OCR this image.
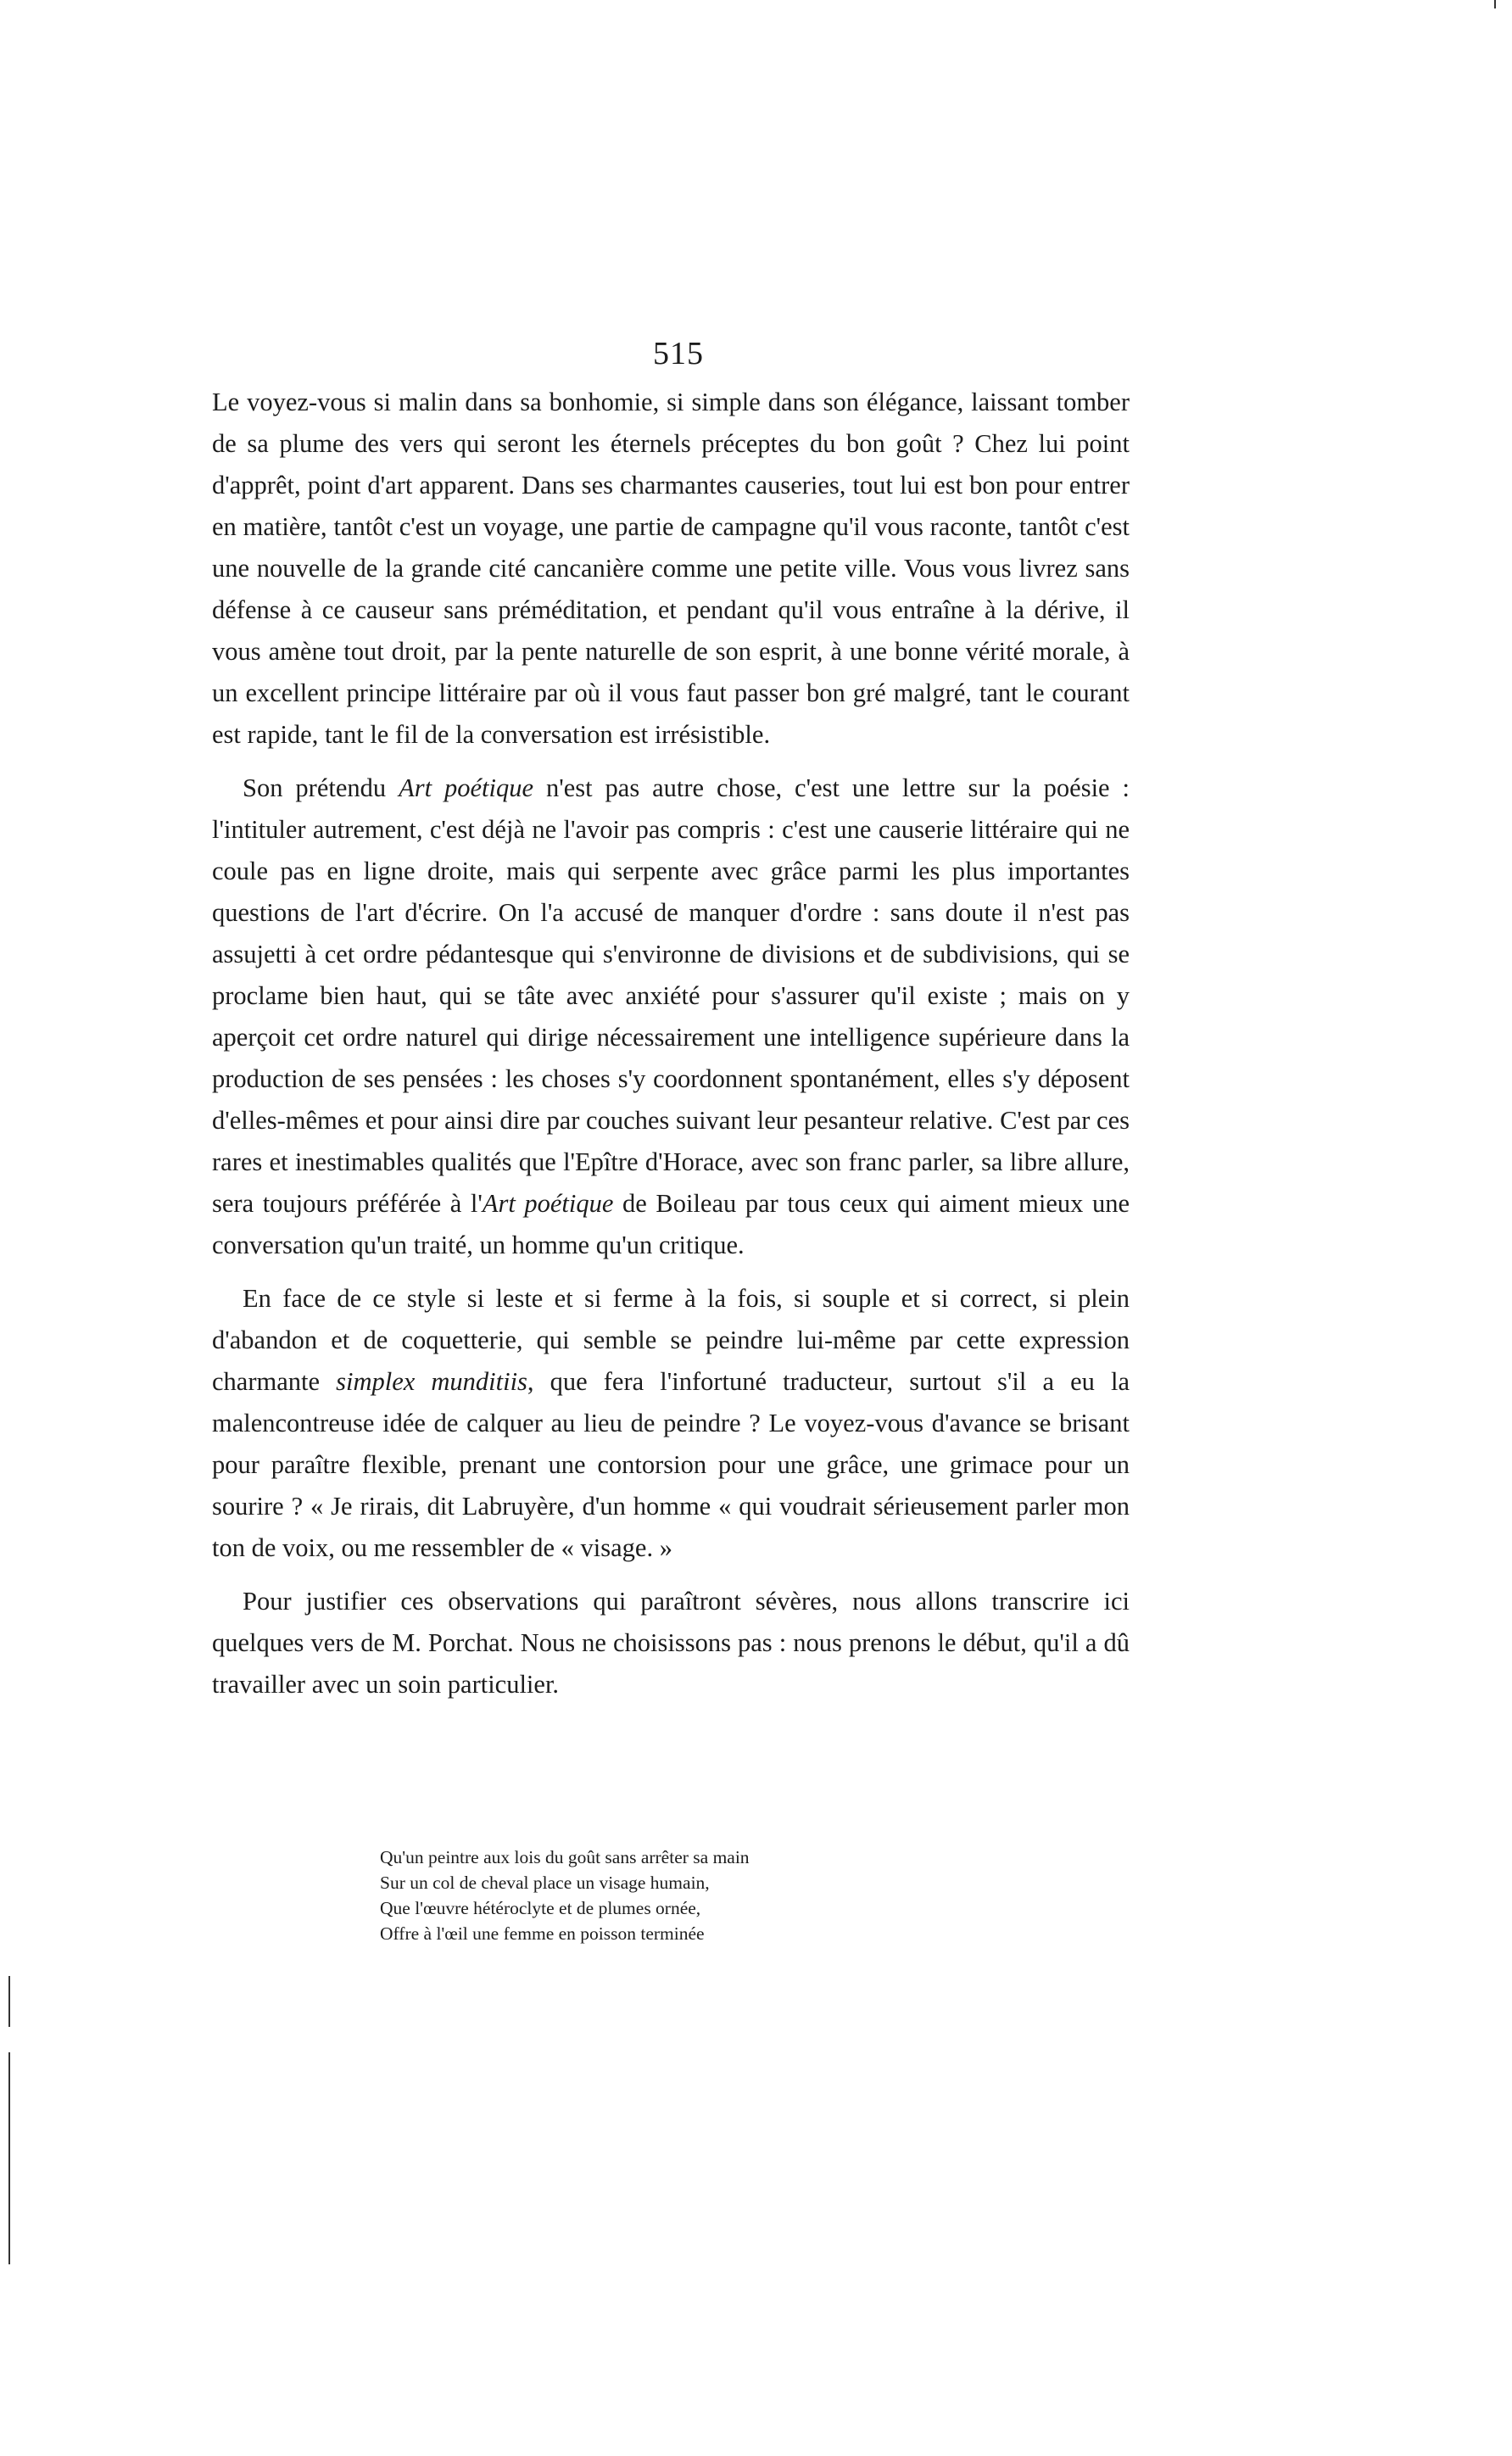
515

Le voyez-vous si malin dans sa bonhomie, si simple dans son élégance, laissant tomber de sa plume des vers qui seront les éternels préceptes du bon goût ? Chez lui point d'apprêt, point d'art apparent. Dans ses charmantes causeries, tout lui est bon pour entrer en matière, tantôt c'est un voyage, une partie de campagne qu'il vous raconte, tantôt c'est une nouvelle de la grande cité cancanière comme une petite ville. Vous vous livrez sans défense à ce causeur sans préméditation, et pendant qu'il vous entraîne à la dérive, il vous amène tout droit, par la pente naturelle de son esprit, à une bonne vérité morale, à un excellent principe littéraire par où il vous faut passer bon gré malgré, tant le courant est rapide, tant le fil de la conversation est irrésistible.

Son prétendu Art poétique n'est pas autre chose, c'est une lettre sur la poésie : l'intituler autrement, c'est déjà ne l'avoir pas compris : c'est une causerie littéraire qui ne coule pas en ligne droite, mais qui serpente avec grâce parmi les plus importantes questions de l'art d'écrire. On l'a accusé de manquer d'ordre : sans doute il n'est pas assujetti à cet ordre pédantesque qui s'environne de divisions et de subdivisions, qui se proclame bien haut, qui se tâte avec anxiété pour s'assurer qu'il existe ; mais on y aperçoit cet ordre naturel qui dirige nécessairement une intelligence supérieure dans la production de ses pensées : les choses s'y coordonnent spontanément, elles s'y déposent d'elles-mêmes et pour ainsi dire par couches suivant leur pesanteur relative. C'est par ces rares et inestimables qualités que l'Epître d'Horace, avec son franc parler, sa libre allure, sera toujours préférée à l'Art poétique de Boileau par tous ceux qui aiment mieux une conversation qu'un traité, un homme qu'un critique.

En face de ce style si leste et si ferme à la fois, si souple et si correct, si plein d'abandon et de coquetterie, qui semble se peindre lui-même par cette expression charmante simplex munditiis, que fera l'infortuné traducteur, surtout s'il a eu la malencontreuse idée de calquer au lieu de peindre ? Le voyez-vous d'avance se brisant pour paraître flexible, prenant une contorsion pour une grâce, une grimace pour un sourire ? « Je rirais, dit Labruyère, d'un homme « qui voudrait sérieusement parler mon ton de voix, ou me ressembler de « visage. »

Pour justifier ces observations qui paraîtront sévères, nous allons transcrire ici quelques vers de M. Porchat. Nous ne choisissons pas : nous prenons le début, qu'il a dû travailler avec un soin particulier.

Qu'un peintre aux lois du goût sans arrêter sa main
Sur un col de cheval place un visage humain,
Que l'œuvre hétéroclyte et de plumes ornée,
Offre à l'œil une femme en poisson terminée
